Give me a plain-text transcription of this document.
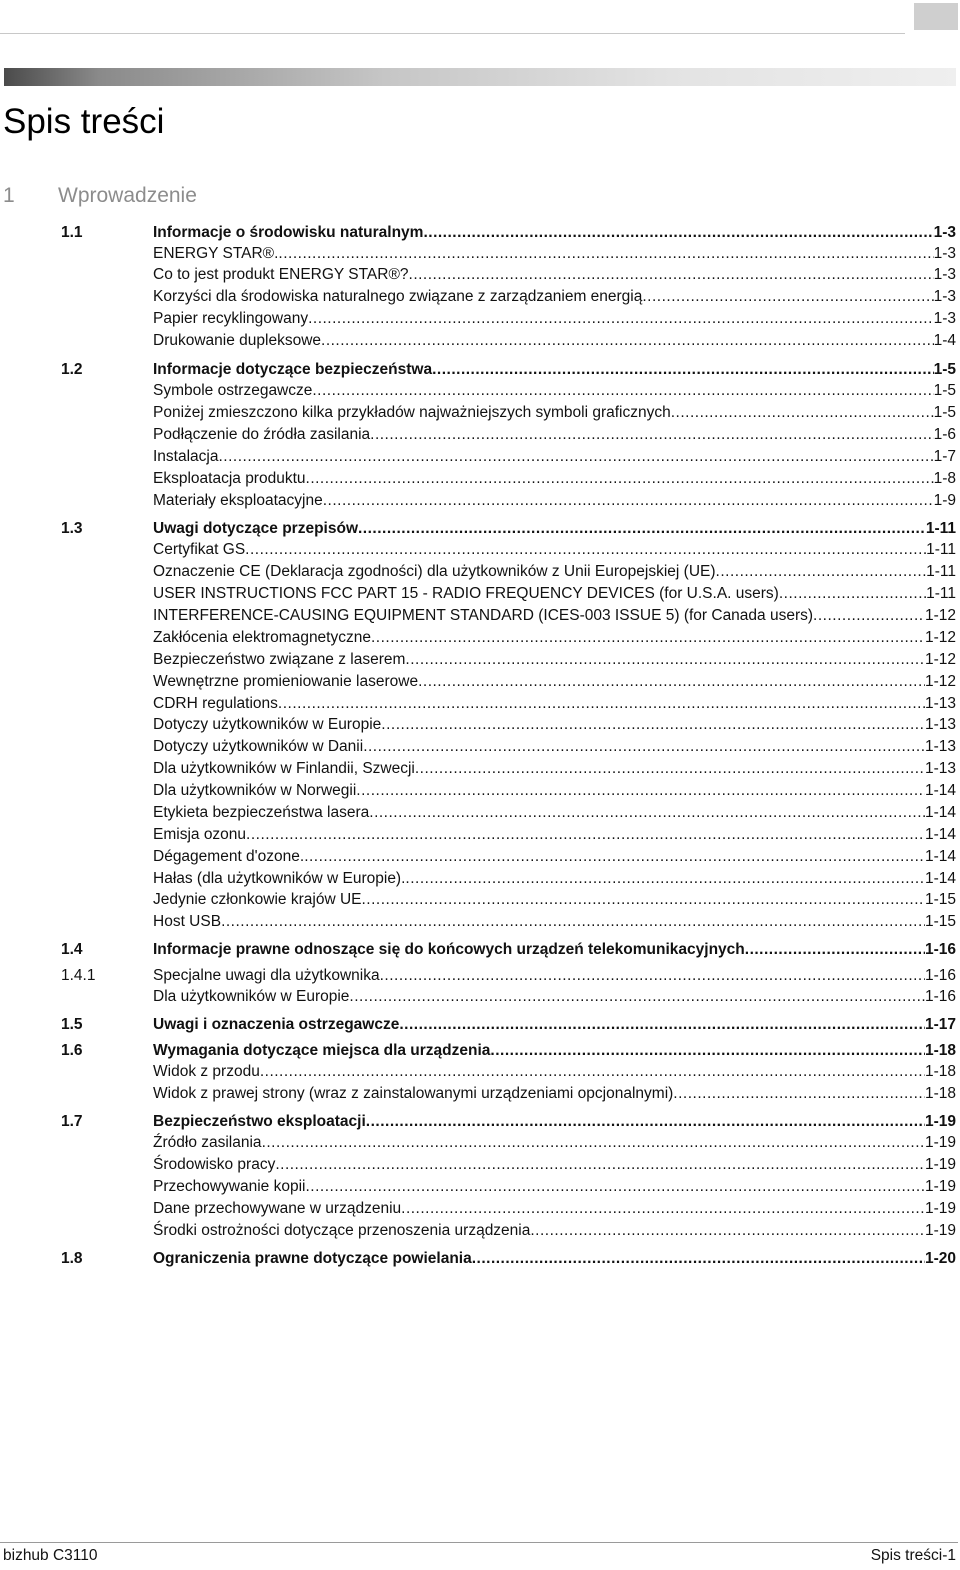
Spis treści
1 Wprowadzenie
1.1	Informacje o środowisku naturalnym .....	1-3
ENERGY STAR®. .....	1-3
Co to jest produkt ENERGY STAR®? .....	1-3
Korzyści dla środowiska naturalnego związane z zarządzaniem energią .....	1-3
Papier recyklingowany .....	1-3
Drukowanie dupleksowe .....	1-4
1.2	Informacje dotyczące bezpieczeństwa .....	1-5
Symbole ostrzegawcze .....	1-5
Poniżej zmieszczono kilka przykładów najważniejszych symboli graficznych .....	1-5
Podłączenie do źródła zasilania .....	1-6
Instalacja .....	1-7
Eksploatacja produktu .....	1-8
Materiały eksploatacyjne .....	1-9
1.3	Uwagi dotyczące przepisów .....	1-11
Certyfikat GS .....	1-11
Oznaczenie CE (Deklaracja zgodności) dla użytkowników z Unii Europejskiej (UE) .....	1-11
USER INSTRUCTIONS FCC PART 15 - RADIO FREQUENCY DEVICES (for U.S.A. users) .....	1-11
INTERFERENCE-CAUSING EQUIPMENT STANDARD (ICES-003 ISSUE 5) (for Canada users) .....	1-12
Zakłócenia elektromagnetyczne .....	1-12
Bezpieczeństwo związane z laserem .....	1-12
Wewnętrzne promieniowanie laserowe .....	1-12
CDRH regulations .....	1-13
Dotyczy użytkowników w Europie .....	1-13
Dotyczy użytkowników w Danii .....	1-13
Dla użytkowników w Finlandii, Szwecji .....	1-13
Dla użytkowników w Norwegii .....	1-14
Etykieta bezpieczeństwa lasera .....	1-14
Emisja ozonu .....	1-14
Dégagement d'ozone. .....	1-14
Hałas (dla użytkowników w Europie). .....	1-14
Jedynie członkowie krajów UE .....	1-15
Host USB .....	1-15
1.4	Informacje prawne odnoszące się do końcowych urządzeń telekomunikacyjnych .....	1-16
1.4.1	Specjalne uwagi dla użytkownika .....	1-16
Dla użytkowników w Europie .....	1-16
1.5	Uwagi i oznaczenia ostrzegawcze .....	1-17
1.6	Wymagania dotyczące miejsca dla urządzenia .....	1-18
Widok z przodu .....	1-18
Widok z prawej strony (wraz z zainstalowanymi urządzeniami opcjonalnymi) .....	1-18
1.7	Bezpieczeństwo eksploatacji .....	1-19
Źródło zasilania .....	1-19
Środowisko pracy .....	1-19
Przechowywanie kopii .....	1-19
Dane przechowywane w urządzeniu .....	1-19
Środki ostrożności dotyczące przenoszenia urządzenia .....	1-19
1.8	Ograniczenia prawne dotyczące powielania .....	1-20
bizhub C3110	Spis treści-1
